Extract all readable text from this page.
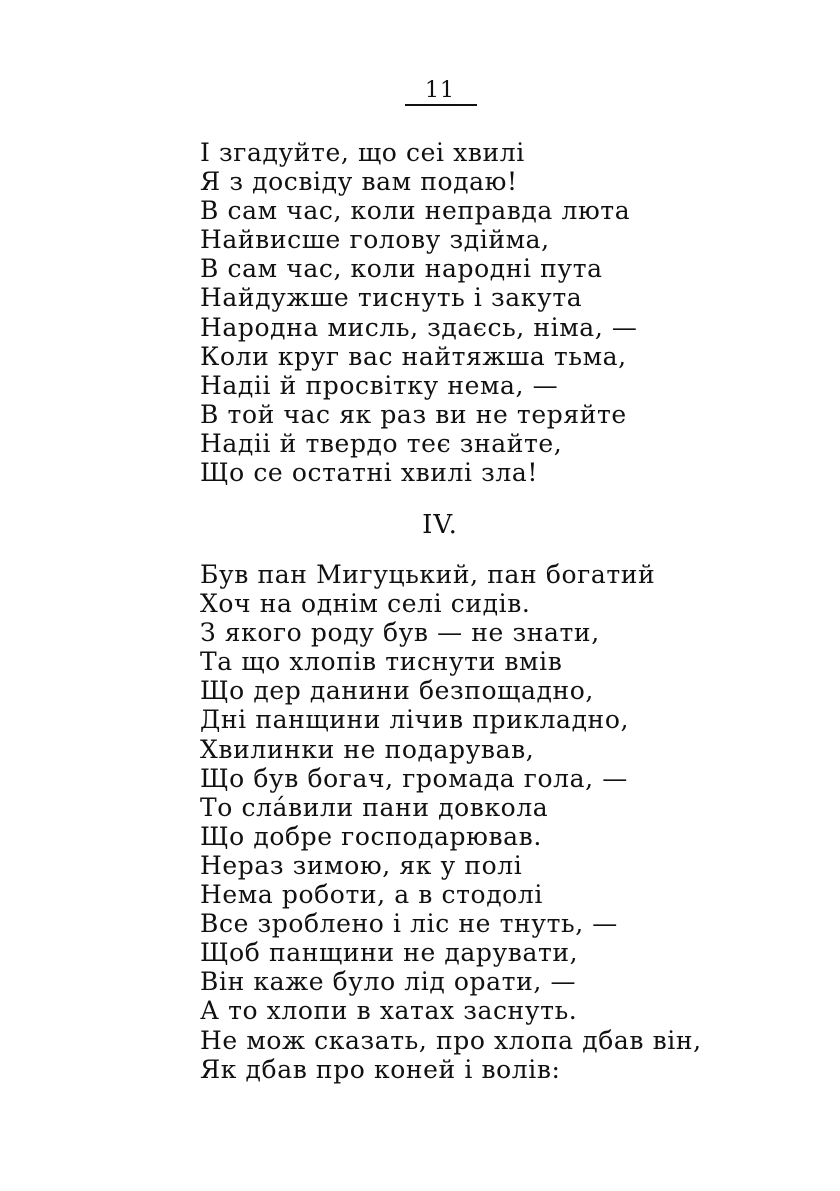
11
І згадуйте, що сеі хвилі
Я з досвіду вам подаю!
В сам час, коли неправда люта
Найвисше голову здійма,
В сам час, коли народні пута
Найдужше тиснуть і закута
Народна мисль, здаєсь, німа, —
Коли круг вас найтяжша тьма,
Надіі й просвітку нема, —
В той час як раз ви не теряйте
Надіі й твердо теє знайте,
Що се остатні хвилі зла!
IV.
Був пан Мигуцький, пан богатий
Хоч на однім селі сидів.
З якого роду був — не знати,
Та що хлопів тиснути вмів
Що дер данини безпощадно,
Дні панщини лічив прикладно,
Хвилинки не подарував,
Що був богач, громада гола, —
То слáвили пани довкола
Що добре господарював.
Нераз зимою, як у полі
Нема роботи, а в стодолі
Все зроблено і ліс не тнуть, —
Щоб панщини не дарувати,
Він каже було лід орати, —
А то хлопи в хатах заснуть.
Не мож сказать, про хлопа дбав він,
Як дбав про коней і волів:
